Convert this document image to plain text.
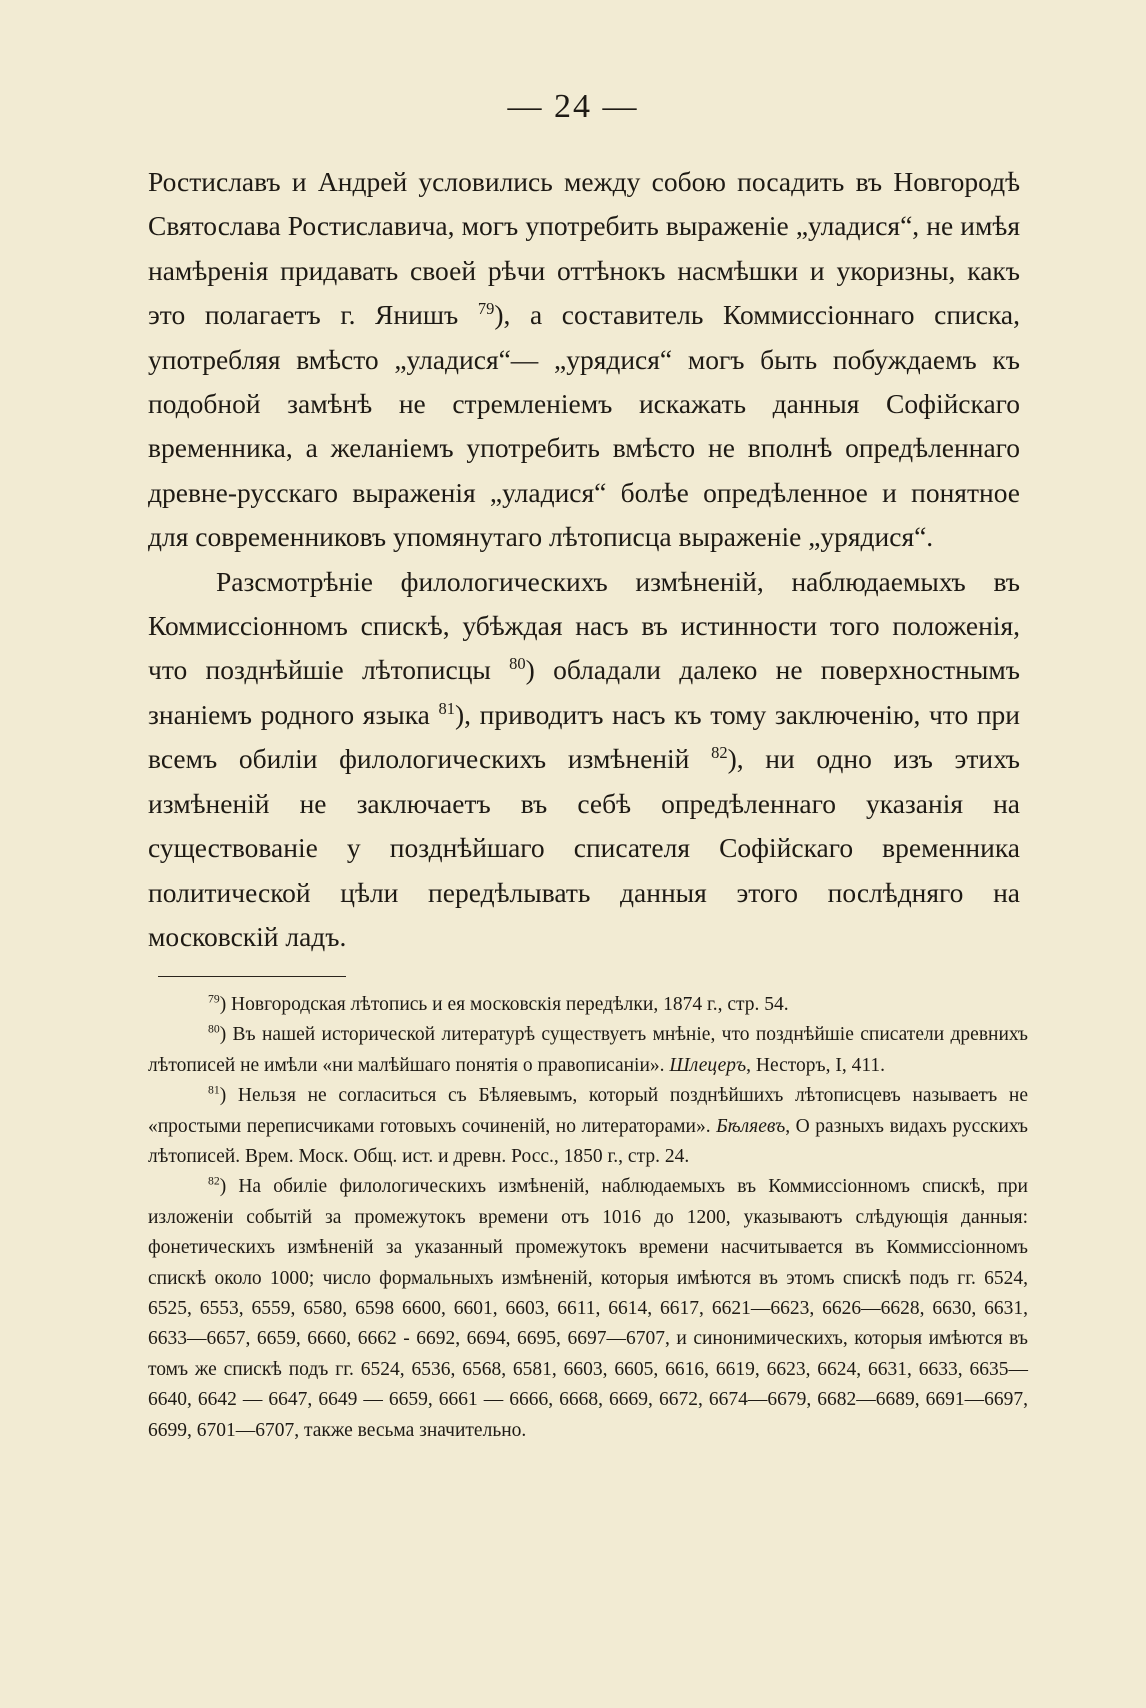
— 24 —

Ростиславъ и Андрей условились между собою посадить въ Новгородѣ Святослава Ростиславича, могъ употребить выраженіе „уладися“, не имѣя намѣренія придавать своей рѣчи оттѣнокъ насмѣшки и укоризны, какъ это полагаетъ г. Янишъ $^{79}$), а составитель Коммиссіоннаго списка, употребляя вмѣсто „уладися“— „урядися“ могъ быть побуждаемъ къ подобной замѣнѣ не стремленіемъ искажать данныя Софійскаго временника, а желаніемъ употребить вмѣсто не вполнѣ опредѣленнаго древне-русскаго выраженія „уладися“ болѣе опредѣленное и понятное для современниковъ упомянутаго лѣтописца выраженіе „урядися“.

Разсмотрѣніе филологическихъ измѣненій, наблюдаемыхъ въ Коммиссіонномъ спискѣ, убѣждая насъ въ истинности того положенія, что позднѣйшіе лѣтописцы $^{80}$) обладали далеко не поверхностнымъ знаніемъ родного языка $^{81}$), приводитъ насъ къ тому заключенію, что при всемъ обиліи филологическихъ измѣненій $^{82}$), ни одно изъ этихъ измѣненій не заключаетъ въ себѣ опредѣленнаго указанія на существованіе у позднѣйшаго списателя Софійскаго временника политической цѣли передѣлывать данныя этого послѣдняго на московскій ладъ.

$^{79}$) Новгородская лѣтопись и ея московскія передѣлки, 1874 г., стр. 54.

$^{80}$) Въ нашей исторической литературѣ существуетъ мнѣніе, что позднѣйшіе списатели древнихъ лѣтописей не имѣли «ни малѣйшаго понятія о правописаніи». Шлецеръ, Несторъ, I, 411.

$^{81}$) Нельзя не согласиться съ Бѣляевымъ, который позднѣйшихъ лѣтописцевъ называетъ не «простыми переписчиками готовыхъ сочиненій, но литераторами». Бѣляевъ, О разныхъ видахъ русскихъ лѣтописей. Врем. Моск. Общ. ист. и древн. Росс., 1850 г., стр. 24.

$^{82}$) На обиліе филологическихъ измѣненій, наблюдаемыхъ въ Коммиссіонномъ спискѣ, при изложеніи событій за промежутокъ времени отъ 1016 до 1200, указываютъ слѣдующія данныя: фонетическихъ измѣненій за указанный промежутокъ времени насчитывается въ Коммиссіонномъ спискѣ около 1000; число формальныхъ измѣненій, которыя имѣются въ этомъ спискѣ подъ гг. 6524, 6525, 6553, 6559, 6580, 6598 6600, 6601, 6603, 6611, 6614, 6617, 6621—6623, 6626—6628, 6630, 6631, 6633—6657, 6659, 6660, 6662 - 6692, 6694, 6695, 6697—6707, и синонимическихъ, которыя имѣются въ томъ же спискѣ подъ гг. 6524, 6536, 6568, 6581, 6603, 6605, 6616, 6619, 6623, 6624, 6631, 6633, 6635—6640, 6642 — 6647, 6649 — 6659, 6661 — 6666, 6668, 6669, 6672, 6674—6679, 6682—6689, 6691—6697, 6699, 6701—6707, также весьма значительно.
